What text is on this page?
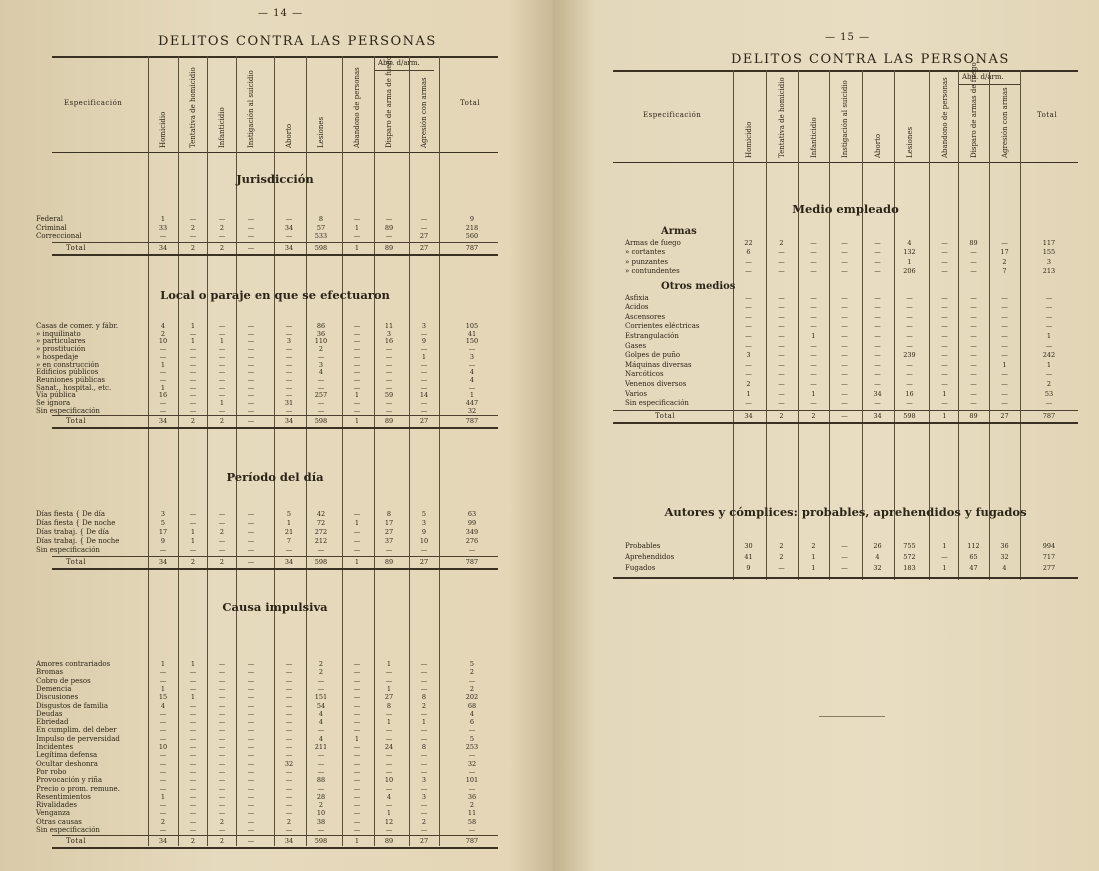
— 14 —
DELITOS CONTRA LAS PERSONAS
Especificación	Total
Homicidio	Tentativa de homicidio	Infanticidio	Instigación al suicidio	Aborto	Lesiones	Abandono de personas	Disparo de arma de fuego	Agresión con armas
Abu. d/arm.
Jurisdicción
Federal	1	—	—	—	—	8	—	—	—	9
Criminal	33	2	2	—	34	57	1	89	—	218
Correccional	—	—	—	—	—	533	—	—	27	560
Total	34	2	2	—	34	598	1	89	27	787
Local o paraje en que se efectuaron
Casas de comer. y fábr.	4	1	—	—	—	86	—	11	3	105
» inquilinato	2	—	—	—	—	36	—	3	—	41
» particulares	10	1	1	—	3	110	—	16	9	150
» prostitución	—	—	—	—	—	2	—	—	—	—
» hospedaje	—	—	—	—	—	—	—	—	1	3
» en construcción	1	—	—	—	—	3	—	—	—	—
Edificios públicos	—	—	—	—	—	4	—	—	—	4
Reuniones públicas	—	—	—	—	—	—	—	—	—	4
Sanat., hospital., etc.	1	—	—	—	—	—	—	—	—	—
Vía pública	16	—	—	—	—	257	1	59	14	1
Se ignora	—	—	1	—	31	—	—	—	—	447
Sin especificación	—	—	—	—	—	—	—	—	—	32
Total	34	2	2	—	34	598	1	89	27	787
Período del día
Días fiesta { De día	3	—	—	—	5	42	—	8	5	63
Días fiesta { De noche	5	—	—	—	1	72	1	17	3	99
Días trabaj. { De día	17	1	2	—	21	272	—	27	9	349
Días trabaj. { De noche	9	1	—	—	7	212	—	37	10	276
Sin especificación	—	—	—	—	—	—	—	—	—	—
Total	34	2	2	—	34	598	1	89	27	787
Causa impulsiva
Amores contrariados	1	1	—	—	—	2	—	1	—	5
Bromas	—	—	—	—	—	2	—	—	—	2
Cobro de pesos	—	—	—	—	—	—	—	—	—	—
Demencia	1	—	—	—	—	—	—	1	—	2
Discusiones	15	1	—	—	—	151	—	27	8	202
Disgustos de familia	4	—	—	—	—	54	—	8	2	68
Deudas	—	—	—	—	—	4	—	—	—	4
Ebriedad	—	—	—	—	—	4	—	1	1	6
En cumplim. del deber	—	—	—	—	—	—	—	—	—	—
Impulso de perversidad	—	—	—	—	—	4	1	—	—	5
Incidentes	10	—	—	—	—	211	—	24	8	253
Legítima defensa	—	—	—	—	—	—	—	—	—	—
Ocultar deshonra	—	—	—	—	32	—	—	—	—	32
Por robo	—	—	—	—	—	—	—	—	—	—
Provocación y riña	—	—	—	—	—	88	—	10	3	101
Precio o prom. remune.	—	—	—	—	—	—	—	—	—	—
Resentimientos	1	—	—	—	—	28	—	4	3	36
Rivalidades	—	—	—	—	—	2	—	—	—	2
Venganza	—	—	—	—	—	10	—	1	—	11
Otras causas	2	—	2	—	2	38	—	12	2	58
Sin especificación	—	—	—	—	—	—	—	—	—	—
Total	34	2	2	—	34	598	1	89	27	787
— 15 —
DELITOS CONTRA LAS PERSONAS
Especificación	Total
Homicidio	Tentativa de homicidio	Infanticidio	Instigación al suicidio	Aborto	Lesiones	Abandono de personas	Disparo de armas de fuego	Agresión con armas
Abu. d/arm.
Medio empleado
Armas
Armas de fuego	22	2	—	—	—	4	—	89	—	117
» cortantes	6	—	—	—	—	132	—	—	17	155
» punzantes	—	—	—	—	—	1	—	—	2	3
» contundentes	—	—	—	—	—	206	—	—	7	213
Otros medios
Asfixia	—	—	—	—	—	—	—	—	—	—
Acidos	—	—	—	—	—	—	—	—	—	—
Ascensores	—	—	—	—	—	—	—	—	—	—
Corrientes eléctricas	—	—	—	—	—	—	—	—	—	—
Estrangulación	—	—	1	—	—	—	—	—	—	1
Gases	—	—	—	—	—	—	—	—	—	—
Golpes de puño	3	—	—	—	—	239	—	—	—	242
Máquinas diversas	—	—	—	—	—	—	—	—	1	1
Narcóticos	—	—	—	—	—	—	—	—	—	—
Venenos diversos	2	—	—	—	—	—	—	—	—	2
Varios	1	—	1	—	34	16	1	—	—	53
Sin especificación	—	—	—	—	—	—	—	—	—	—
Total	34	2	2	—	34	598	1	89	27	787
Autores y cómplices: probables, aprehendidos y fugados
Probables	30	2	2	—	26	755	1	112	36	994
Aprehendidos	41	2	1	—	4	572	—	65	32	717
Fugados	9	—	1	—	32	183	1	47	4	277
